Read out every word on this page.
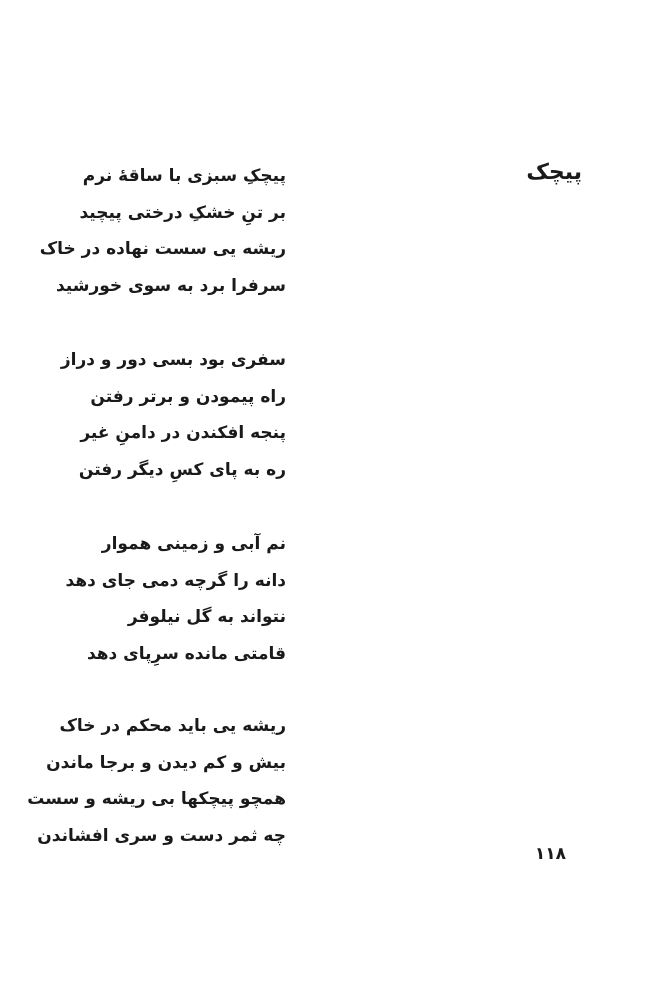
پیچک
پیچکِ سبزی با ساقهٔ نرم
بر تنِ خشکِ درختی پیچید
ریشه یی سست نهاده در خاک
سرفرا برد به سوی خورشید
سفری بود بسی دور و دراز
راه پیمودن و برتر رفتن
پنجه افکندن در دامنِ غیر
ره به پای کسِ دیگر رفتن
نم آبی و زمینی هموار
دانه را گرچه دمی جای دهد
نتواند به گل نیلوفر
قامتی مانده سرِپای دهد
ریشه یی باید محکم در خاک
بیش و کم دیدن و برجا ماندن
همچو پیچکها بی ریشه و سست
چه ثمر دست و سری افشاندن
۱۱۸
